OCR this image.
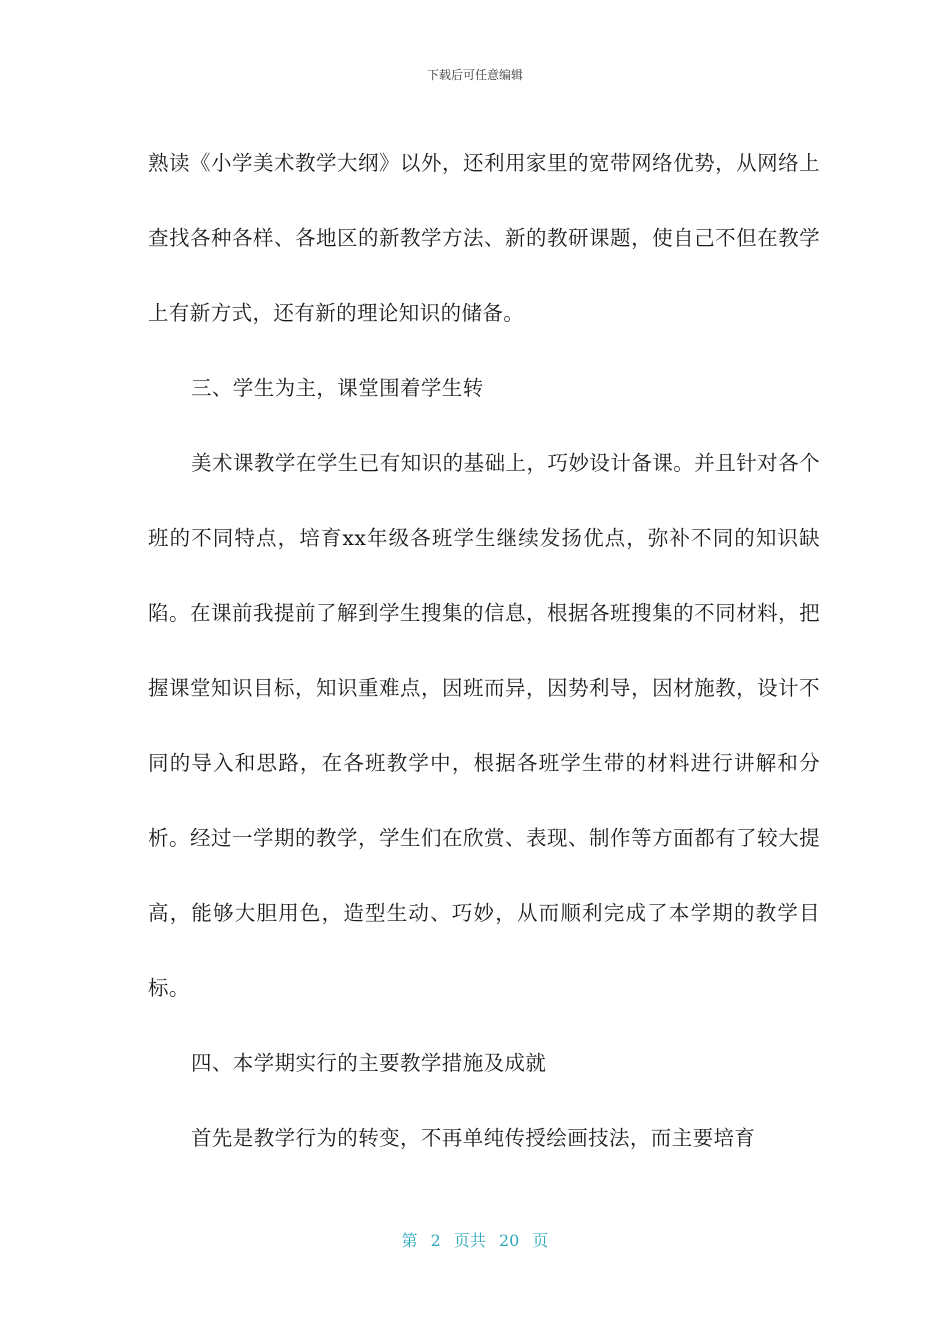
下载后可任意编辑

熟读《小学美术教学大纲》以外，还利用家里的宽带网络优势，从网络上查找各种各样、各地区的新教学方法、新的教研课题，使自己不但在教学上有新方式，还有新的理论知识的储备。

三、学生为主，课堂围着学生转

美术课教学在学生已有知识的基础上，巧妙设计备课。并且针对各个班的不同特点，培育xx年级各班学生继续发扬优点，弥补不同的知识缺陷。在课前我提前了解到学生搜集的信息，根据各班搜集的不同材料，把握课堂知识目标，知识重难点，因班而异，因势利导，因材施教，设计不同的导入和思路，在各班教学中，根据各班学生带的材料进行讲解和分析。经过一学期的教学，学生们在欣赏、表现、制作等方面都有了较大提高，能够大胆用色，造型生动、巧妙，从而顺利完成了本学期的教学目标。

四、本学期实行的主要教学措施及成就

首先是教学行为的转变，不再单纯传授绘画技法，而主要培育

第 2 页共 20 页
